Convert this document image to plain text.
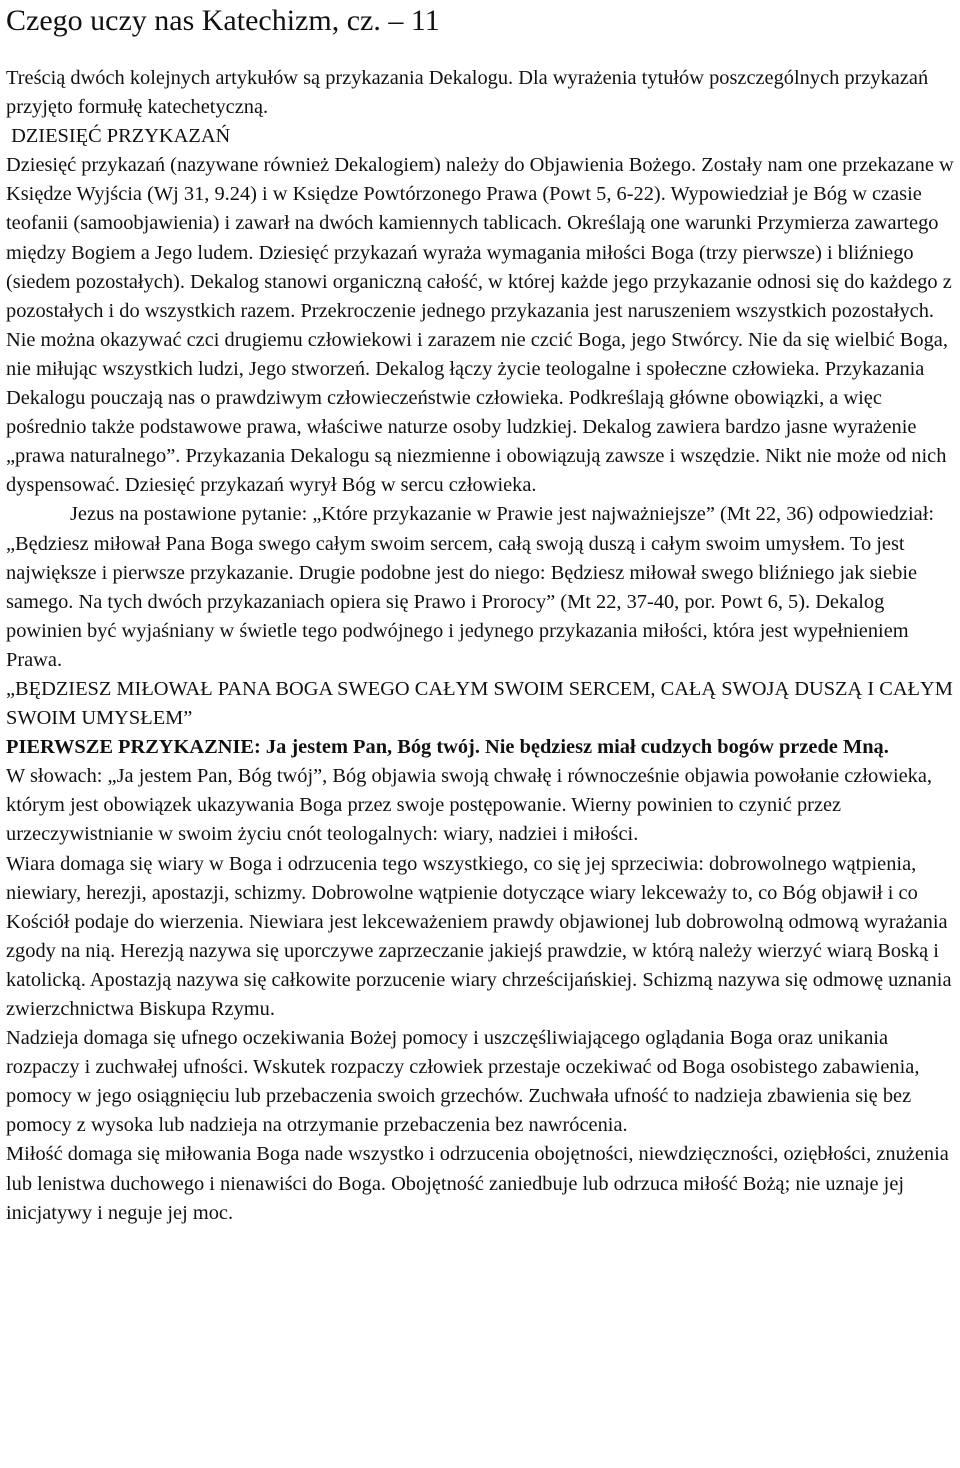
Czego uczy nas Katechizm, cz. – 11

Treścią dwóch kolejnych artykułów są przykazania Dekalogu. Dla wyrażenia tytułów poszczególnych przykazań przyjęto formułę katechetyczną.

DZIESIĘĆ PRZYKAZAŃ

Dziesięć przykazań (nazywane również Dekalogiem) należy do Objawienia Bożego. Zostały nam one przekazane w Księdze Wyjścia (Wj 31, 9.24) i w Księdze Powtórzonego Prawa (Powt 5, 6-22). Wypowiedział je Bóg w czasie teofanii (samoobjawienia) i zawarł na dwóch kamiennych tablicach. Określają one warunki Przymierza zawartego między Bogiem a Jego ludem. Dziesięć przykazań wyraża wymagania miłości Boga (trzy pierwsze) i bliźniego (siedem pozostałych). Dekalog stanowi organiczną całość, w której każde jego przykazanie odnosi się do każdego z pozostałych i do wszystkich razem. Przekroczenie jednego przykazania jest naruszeniem wszystkich pozostałych. Nie można okazywać czci drugiemu człowiekowi i zarazem nie czcić Boga, jego Stwórcy. Nie da się wielbić Boga, nie miłując wszystkich ludzi, Jego stworzeń. Dekalog łączy życie teologalne i społeczne człowieka. Przykazania Dekalogu pouczają nas o prawdziwym człowieczeństwie człowieka. Podkreślają główne obowiązki, a więc pośrednio także podstawowe prawa, właściwe naturze osoby ludzkiej. Dekalog zawiera bardzo jasne wyrażenie „prawa naturalnego”. Przykazania Dekalogu są niezmienne i obowiązują zawsze i wszędzie. Nikt nie może od nich dyspensować. Dziesięć przykazań wyrył Bóg w sercu człowieka.

Jezus na postawione pytanie: „Które przykazanie w Prawie jest najważniejsze” (Mt 22, 36) odpowiedział: „Będziesz miłował Pana Boga swego całym swoim sercem, całą swoją duszą i całym swoim umysłem. To jest największe i pierwsze przykazanie. Drugie podobne jest do niego: Będziesz miłował swego bliźniego jak siebie samego. Na tych dwóch przykazaniach opiera się Prawo i Prorocy” (Mt 22, 37-40, por. Powt 6, 5). Dekalog powinien być wyjaśniany w świetle tego podwójnego i jedynego przykazania miłości, która jest wypełnieniem Prawa.

„BĘDZIESZ MIŁOWAŁ PANA BOGA SWEGO CAŁYM SWOIM SERCEM, CAŁĄ SWOJĄ DUSZĄ I CAŁYM SWOIM UMYSŁEM”

PIERWSZE PRZYKAZNIE: Ja jestem Pan, Bóg twój. Nie będziesz miał cudzych bogów przede Mną.

W słowach: „Ja jestem Pan, Bóg twój”, Bóg objawia swoją chwałę i równocześnie objawia powołanie człowieka, którym jest obowiązek ukazywania Boga przez swoje postępowanie. Wierny powinien to czynić przez urzeczywistnianie w swoim życiu cnót teologalnych: wiary, nadziei i miłości.

Wiara domaga się wiary w Boga i odrzucenia tego wszystkiego, co się jej sprzeciwia: dobrowolnego wątpienia, niewiary, herezji, apostazji, schizmy. Dobrowolne wątpienie dotyczące wiary lekceważy to, co Bóg objawił i co Kościół podaje do wierzenia. Niewiara jest lekceważeniem prawdy objawionej lub dobrowolną odmową wyrażania zgody na nią. Herezją nazywa się uporczywe zaprzeczanie jakiejś prawdzie, w którą należy wierzyć wiarą Boską i katolicką. Apostazją nazywa się całkowite porzucenie wiary chrześcijańskiej. Schizmą nazywa się odmowę uznania zwierzchnictwa Biskupa Rzymu.

Nadzieja domaga się ufnego oczekiwania Bożej pomocy i uszczęśliwiającego oglądania Boga oraz unikania rozpaczy i zuchwałej ufności. Wskutek rozpaczy człowiek przestaje oczekiwać od Boga osobistego zabawienia, pomocy w jego osiągnięciu lub przebaczenia swoich grzechów. Zuchwała ufność to nadzieja zbawienia się bez pomocy z wysoka lub nadzieja na otrzymanie przebaczenia bez nawrócenia.

Miłość domaga się miłowania Boga nade wszystko i odrzucenia obojętności, niewdzięczności, oziębłości, znużenia lub lenistwa duchowego i nienawiści do Boga. Obojętność zaniedbuje lub odrzuca miłość Bożą; nie uznaje jej inicjatywy i neguje jej moc.
